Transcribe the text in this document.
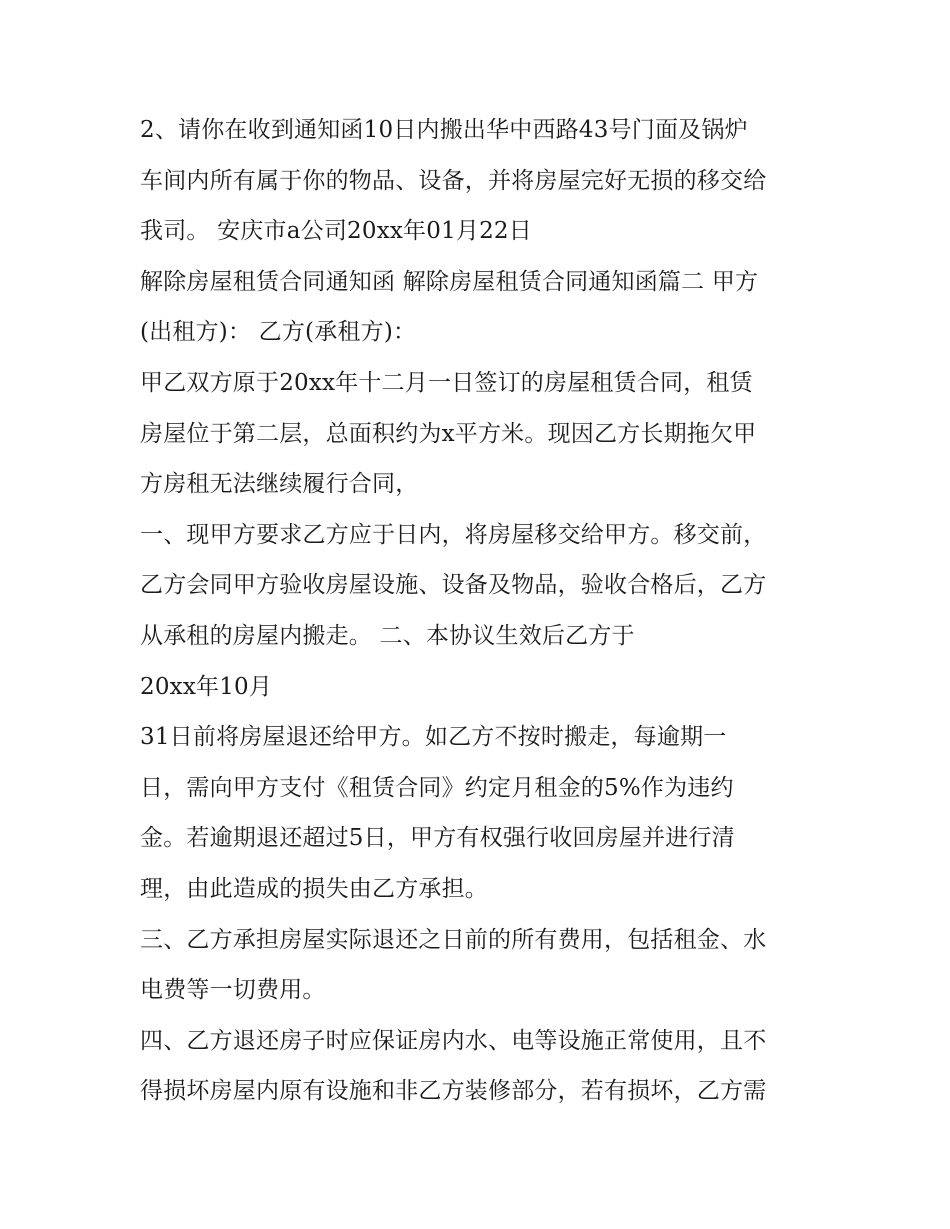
2、请你在收到通知函10日内搬出华中西路43号门面及锅炉

车间内所有属于你的物品、设备，并将房屋完好无损的移交给

我司。 安庆市a公司20xx年01月22日

解除房屋租赁合同通知函 解除房屋租赁合同通知函篇二 甲方

(出租方)： 乙方(承租方)：

甲乙双方原于20xx年十二月一日签订的房屋租赁合同，租赁

房屋位于第二层，总面积约为x平方米。现因乙方长期拖欠甲

方房租无法继续履行合同，

一、现甲方要求乙方应于日内，将房屋移交给甲方。移交前，

乙方会同甲方验收房屋设施、设备及物品，验收合格后，乙方

从承租的房屋内搬走。 二、本协议生效后乙方于

20xx年10月

31日前将房屋退还给甲方。如乙方不按时搬走，每逾期一

日，需向甲方支付《租赁合同》约定月租金的5%作为违约

金。若逾期退还超过5日，甲方有权强行收回房屋并进行清

理，由此造成的损失由乙方承担。

三、乙方承担房屋实际退还之日前的所有费用，包括租金、水

电费等一切费用。

四、乙方退还房子时应保证房内水、电等设施正常使用，且不

得损坏房屋内原有设施和非乙方装修部分，若有损坏，乙方需
